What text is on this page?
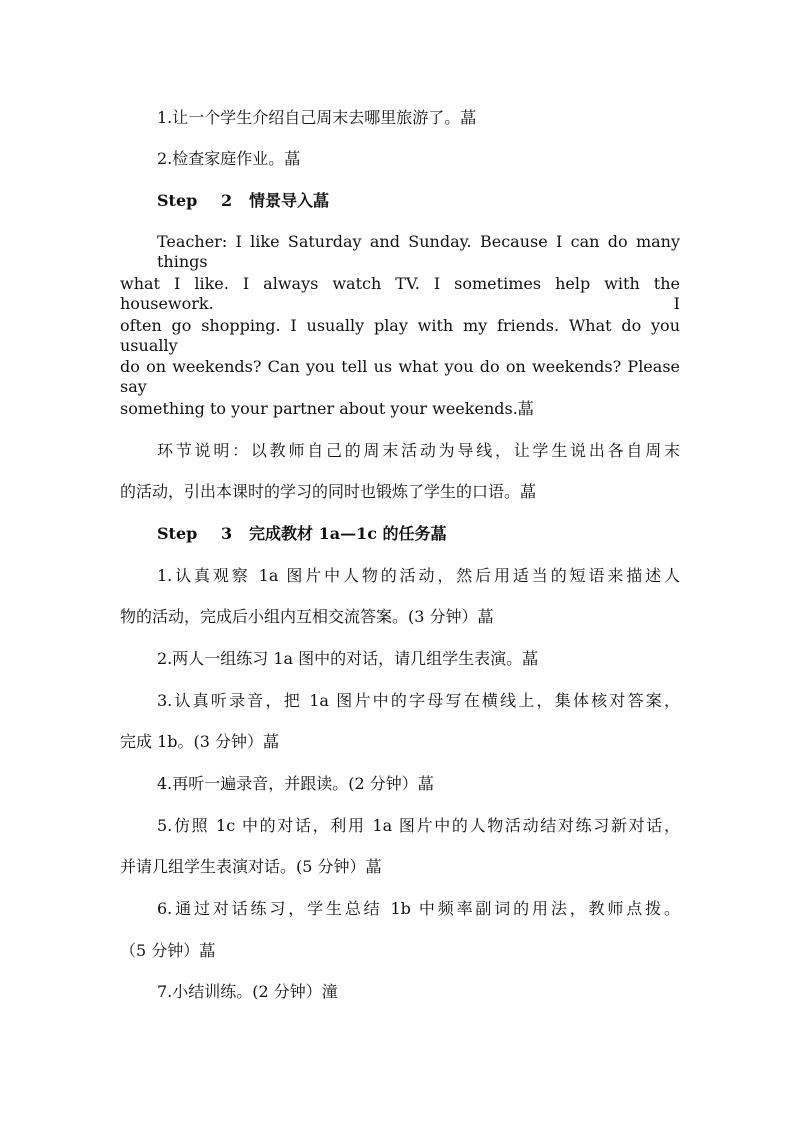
1.让一个学生介绍自己周末去哪里旅游了。蕌
2.检查家庭作业。蕌
Step 2 情景导入蕌
Teacher: I like Saturday and Sunday. Because I can do many things
what I like. I always watch TV. I sometimes help with the housework. I
often go shopping. I usually play with my friends. What do you usually
do on weekends? Can you tell us what you do on weekends? Please say
something to your partner about your weekends.蕌
环节说明：以教师自己的周末活动为导线，让学生说出各自周末
的活动，引出本课时的学习的同时也锻炼了学生的口语。蕌
Step 3 完成教材 1a—1c 的任务蕌
1.认真观察 1a 图片中人物的活动，然后用适当的短语来描述人
物的活动，完成后小组内互相交流答案。(3 分钟）蕌
2.两人一组练习 1a 图中的对话，请几组学生表演。蕌
3.认真听录音，把 1a 图片中的字母写在横线上，集体核对答案，
完成 1b。(3 分钟）蕌
4.再听一遍录音，并跟读。(2 分钟）蕌
5.仿照 1c 中的对话，利用 1a 图片中的人物活动结对练习新对话，
并请几组学生表演对话。(5 分钟）蕌
6.通过对话练习，学生总结 1b 中频率副词的用法，教师点拨。
（5 分钟）蕌
7.小结训练。(2 分钟）潼
